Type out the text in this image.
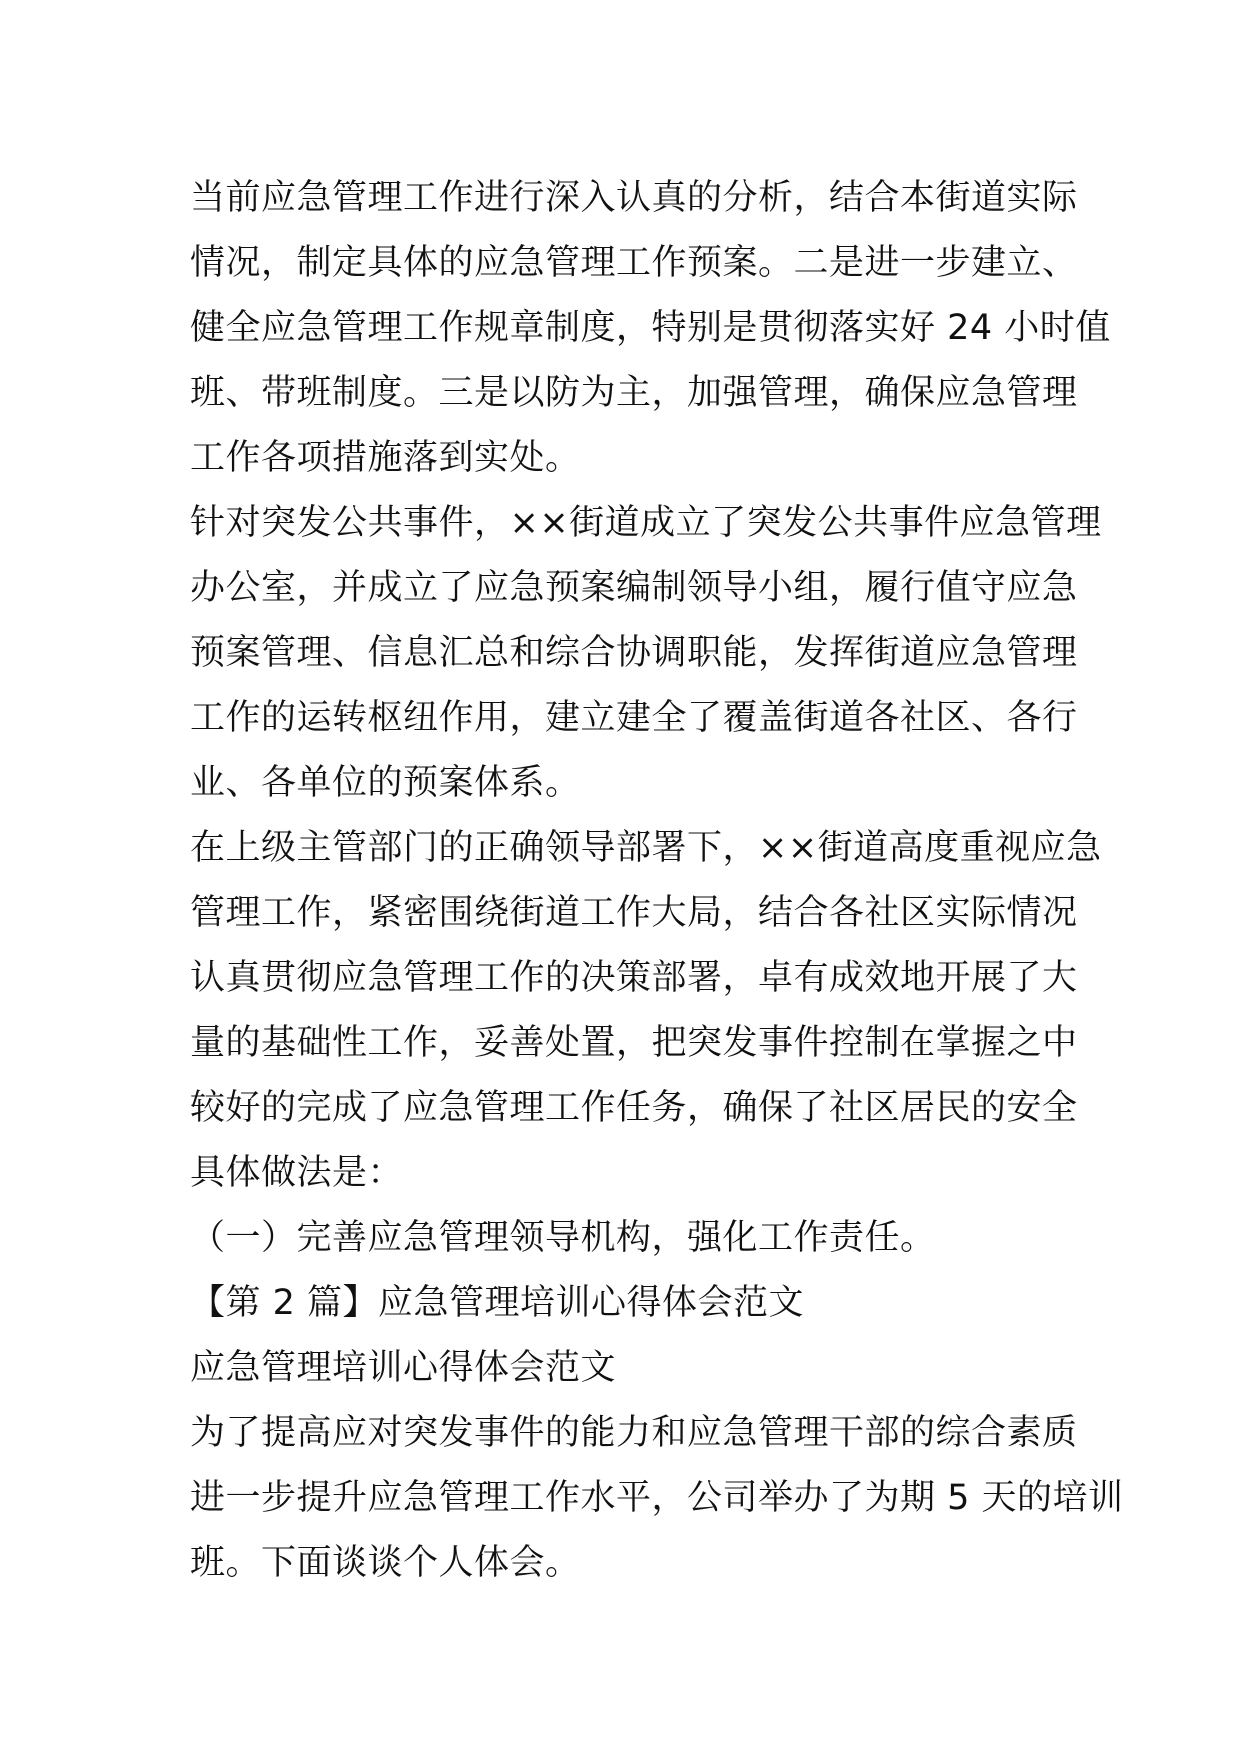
当前应急管理工作进行深入认真的分析，结合本街道实际
情况，制定具体的应急管理工作预案。二是进一步建立、
健全应急管理工作规章制度，特别是贯彻落实好 24 小时值
班、带班制度。三是以防为主，加强管理，确保应急管理
工作各项措施落到实处。
针对突发公共事件，××街道成立了突发公共事件应急管理
办公室，并成立了应急预案编制领导小组，履行值守应急
预案管理、信息汇总和综合协调职能，发挥街道应急管理
工作的运转枢纽作用，建立建全了覆盖街道各社区、各行
业、各单位的预案体系。
在上级主管部门的正确领导部署下，××街道高度重视应急
管理工作，紧密围绕街道工作大局，结合各社区实际情况
认真贯彻应急管理工作的决策部署，卓有成效地开展了大
量的基础性工作，妥善处置，把突发事件控制在掌握之中
较好的完成了应急管理工作任务，确保了社区居民的安全
具体做法是：
（一）完善应急管理领导机构，强化工作责任。
【第 2 篇】应急管理培训心得体会范文
应急管理培训心得体会范文
为了提高应对突发事件的能力和应急管理干部的综合素质
进一步提升应急管理工作水平，公司举办了为期 5 天的培训
班。下面谈谈个人体会。
